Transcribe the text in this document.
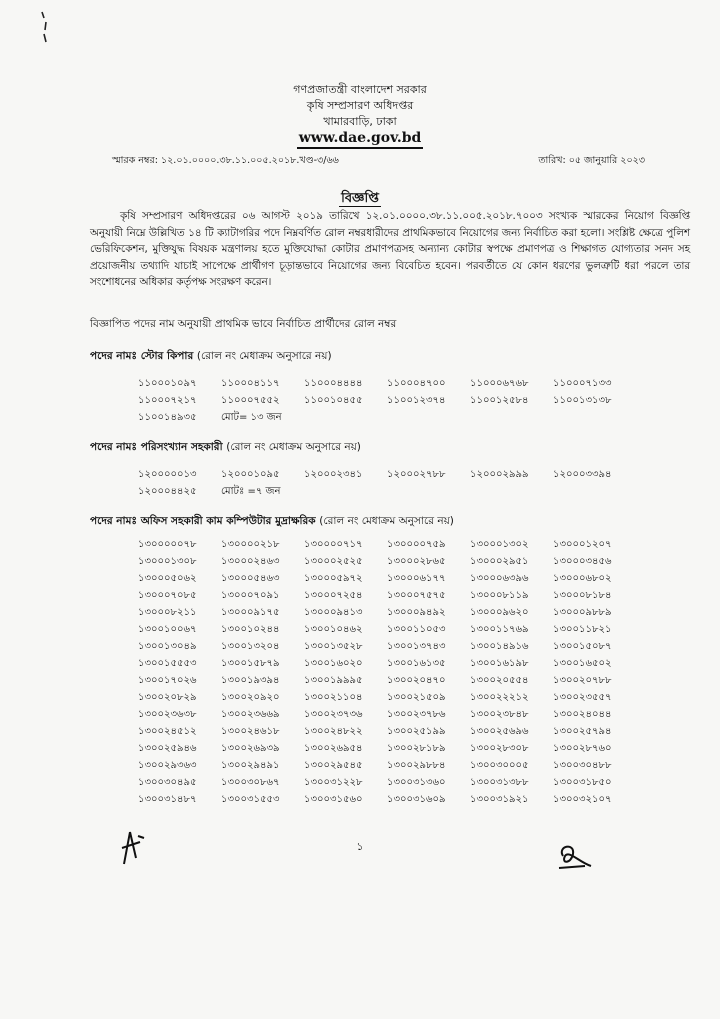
গণপ্রজাতন্ত্রী বাংলাদেশ সরকার
কৃষি সম্প্রসারণ অধিদপ্তর
খামারবাড়ি, ঢাকা
www.dae.gov.bd
স্মারক নম্বর: ১২.০১.০০০০.৩৮.১১.০০৫.২০১৮.খণ্ড-৩/৬৬	তারিখ: ০৫ জানুয়ারি ২০২৩
বিজ্ঞপ্তি
কৃষি সম্প্রসারণ অধিদপ্তরের ০৬ আগস্ট ২০১৯ তারিখে ১২.০১.০০০০.৩৮.১১.০০৫.২০১৮.৭০০৩ সংখ্যক স্মারকের নিয়োগ বিজ্ঞপ্তি অনুযায়ী নিম্নে উল্লিখিত ১৪ টি ক্যাটাগরির পদে নিম্নবর্ণিত রোল নম্বরধারীদের প্রাথমিকভাবে নিয়োগের জন্য নির্বাচিত করা হলো। সংশ্লিষ্ট ক্ষেত্রে পুলিশ ভেরিফিকেশন, মুক্তিযুদ্ধ বিষয়ক মন্ত্রণালয় হতে মুক্তিযোদ্ধা কোটার প্রমাণপত্রসহ অন্যান্য কোটার স্বপক্ষে প্রমাণপত্র ও শিক্ষাগত যোগ্যতার সনদ সহ প্রয়োজনীয় তথ্যাদি যাচাই সাপেক্ষে প্রার্থীগণ চূড়ান্তভাবে নিয়োগের জন্য বিবেচিত হবেন। পরবর্তীতে যে কোন ধরণের ভুলত্রুটি ধরা পরলে তার সংশোধনের অধিকার কর্তৃপক্ষ সংরক্ষণ করেন।
বিজ্ঞাপিত পদের নাম অনুযায়ী প্রাথমিক ভাবে নির্বাচিত প্রার্থীদের রোল নম্বর
পদের নামঃ স্টোর কিপার (রোল নং মেধাক্রম অনুসারে নয়)
১১০০০১০৯৭	১১০০০৪১১৭	১১০০০৪৪৪৪	১১০০০৪৭০০	১১০০০৬৭৬৮	১১০০০৭১৩৩
১১০০০৭২১৭	১১০০০৭৫৫২	১১০০১০৪৫৫	১১০০১২৩৭৪	১১০০১২৫৮৪	১১০০১৩১৩৮
১১০০১৪৯৩৫	মোট= ১৩ জন
পদের নামঃ পরিসংখ্যান সহকারী (রোল নং মেধাক্রম অনুসারে নয়)
১২০০০০০১৩	১২০০০১০৯৫	১২০০০২৩৪১	১২০০০২৭৮৮	১২০০০২৯৯৯	১২০০০৩৩৯৪
১২০০০৪৪২৫	মোটঃ =৭ জন
পদের নামঃ অফিস সহকারী কাম কম্পিউটার মুদ্রাক্ষরিক (রোল নং মেধাক্রম অনুসারে নয়)
১৩০০০০০৭৮	১৩০০০০২১৮	১৩০০০০৭১৭	১৩০০০০৭৫৯	১৩০০০১৩০২	১৩০০০১২০৭
১৩০০০১৩০৮	১৩০০০২৪৬৩	১৩০০০২৫২৫	১৩০০০২৮৬৫	১৩০০০২৯৫১	১৩০০০৩৪৫৬
১৩০০০৫০৬২	১৩০০০৫৪৬৩	১৩০০০৫৯৭২	১৩০০০৬১৭৭	১৩০০০৬৩৯৬	১৩০০০৬৮০২
১৩০০০৭০৮৫	১৩০০০৭০৯১	১৩০০০৭২৫৪	১৩০০০৭৫৭৫	১৩০০০৮১১৯	১৩০০০৮১৮৪
১৩০০০৮২১১	১৩০০০৯১৭৫	১৩০০০৯৪১৩	১৩০০০৯৪৯২	১৩০০০৯৬২০	১৩০০০৯৮৮৯
১৩০০১০০৬৭	১৩০০১০২৪৪	১৩০০১০৪৬২	১৩০০১১০৫৩	১৩০০১১৭৬৯	১৩০০১১৮২১
১৩০০১৩০৪৯	১৩০০১৩২০৪	১৩০০১৩৫২৮	১৩০০১৩৭৪৩	১৩০০১৪৯১৬	১৩০০১৫০৮৭
১৩০০১৫৫৫৩	১৩০০১৫৮৭৯	১৩০০১৬০২০	১৩০০১৬১৩৫	১৩০০১৬১৯৮	১৩০০১৬৫০২
১৩০০১৭০২৬	১৩০০১৯৩৯৪	১৩০০১৯৯৯৫	১৩০০২০৪৭০	১৩০০২০৫৫৪	১৩০০২০৭৮৮
১৩০০২০৮২৯	১৩০০২০৯২০	১৩০০২১১০৪	১৩০০২১৫০৯	১৩০০২২২১২	১৩০০২৩৫৫৭
১৩০০২৩৬৩৮	১৩০০২৩৬৬৯	১৩০০২৩৭৩৬	১৩০০২৩৭৮৬	১৩০০২৩৮৪৮	১৩০০২৪০৪৪
১৩০০২৪৫১২	১৩০০২৪৬১৮	১৩০০২৪৮২২	১৩০০২৫১৯৯	১৩০০২৫৬৯৬	১৩০০২৫৭৯৪
১৩০০২৫৯৪৬	১৩০০২৬৯৩৯	১৩০০২৬৯৫৪	১৩০০২৮১৮৯	১৩০০২৮৩০৮	১৩০০২৮৭৬০
১৩০০২৯৩৬৩	১৩০০২৯৪৯১	১৩০০২৯৫৪৫	১৩০০২৯৮৮৪	১৩০০৩০০০৫	১৩০০৩০৪৮৮
১৩০০৩০৪৯৫	১৩০০৩০৮৬৭	১৩০০৩১২২৮	১৩০০৩১৩৬০	১৩০০৩১৩৮৮	১৩০০৩১৮৫০
১৩০০৩১৪৮৭	১৩০০৩১৫৫৩	১৩০০৩১৫৬০	১৩০০৩১৬০৯	১৩০০৩১৯২১	১৩০০৩২১০৭
১
